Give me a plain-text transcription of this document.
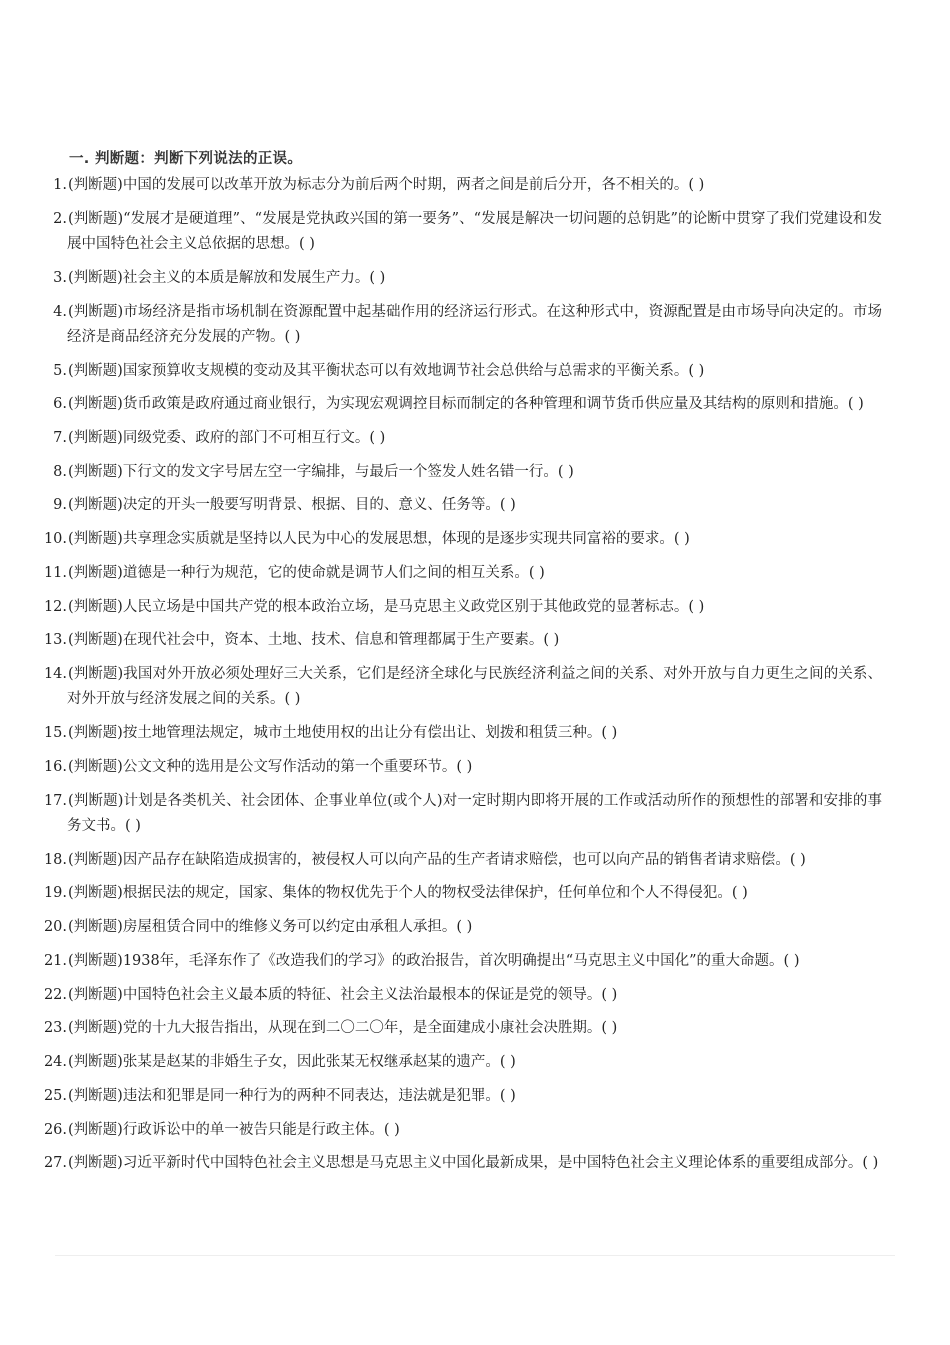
一. 判断题：判断下列说法的正误。
1. (判断题)中国的发展可以改革开放为标志分为前后两个时期，两者之间是前后分开，各不相关的。( )
2. (判断题)“发展才是硬道理”、“发展是党执政兴国的第一要务”、“发展是解决一切问题的总钥匙”的论断中贯穿了我们党建设和发展中国特色社会主义总依据的思想。( )
3. (判断题)社会主义的本质是解放和发展生产力。( )
4. (判断题)市场经济是指市场机制在资源配置中起基础作用的经济运行形式。在这种形式中，资源配置是由市场导向决定的。市场经济是商品经济充分发展的产物。( )
5. (判断题)国家预算收支规模的变动及其平衡状态可以有效地调节社会总供给与总需求的平衡关系。( )
6. (判断题)货币政策是政府通过商业银行，为实现宏观调控目标而制定的各种管理和调节货币供应量及其结构的原则和措施。( )
7. (判断题)同级党委、政府的部门不可相互行文。( )
8. (判断题)下行文的发文字号居左空一字编排，与最后一个签发人姓名错一行。( )
9. (判断题)决定的开头一般要写明背景、根据、目的、意义、任务等。( )
10. (判断题)共享理念实质就是坚持以人民为中心的发展思想，体现的是逐步实现共同富裕的要求。( )
11. (判断题)道德是一种行为规范，它的使命就是调节人们之间的相互关系。( )
12. (判断题)人民立场是中国共产党的根本政治立场，是马克思主义政党区别于其他政党的显著标志。( )
13. (判断题)在现代社会中，资本、土地、技术、信息和管理都属于生产要素。( )
14. (判断题)我国对外开放必须处理好三大关系，它们是经济全球化与民族经济利益之间的关系、对外开放与自力更生之间的关系、对外开放与经济发展之间的关系。( )
15. (判断题)按土地管理法规定，城市土地使用权的出让分有偿出让、划拨和租赁三种。( )
16. (判断题)公文文种的选用是公文写作活动的第一个重要环节。( )
17. (判断题)计划是各类机关、社会团体、企事业单位(或个人)对一定时期内即将开展的工作或活动所作的预想性的部署和安排的事务文书。( )
18. (判断题)因产品存在缺陷造成损害的，被侵权人可以向产品的生产者请求赔偿，也可以向产品的销售者请求赔偿。( )
19. (判断题)根据民法的规定，国家、集体的物权优先于个人的物权受法律保护，任何单位和个人不得侵犯。( )
20. (判断题)房屋租赁合同中的维修义务可以约定由承租人承担。( )
21. (判断题)1938年，毛泽东作了《改造我们的学习》的政治报告，首次明确提出“马克思主义中国化”的重大命题。( )
22. (判断题)中国特色社会主义最本质的特征、社会主义法治最根本的保证是党的领导。( )
23. (判断题)党的十九大报告指出，从现在到二〇二〇年，是全面建成小康社会决胜期。( )
24. (判断题)张某是赵某的非婚生子女，因此张某无权继承赵某的遗产。( )
25. (判断题)违法和犯罪是同一种行为的两种不同表达，违法就是犯罪。( )
26. (判断题)行政诉讼中的单一被告只能是行政主体。( )
27. (判断题)习近平新时代中国特色社会主义思想是马克思主义中国化最新成果，是中国特色社会主义理论体系的重要组成部分。( )
